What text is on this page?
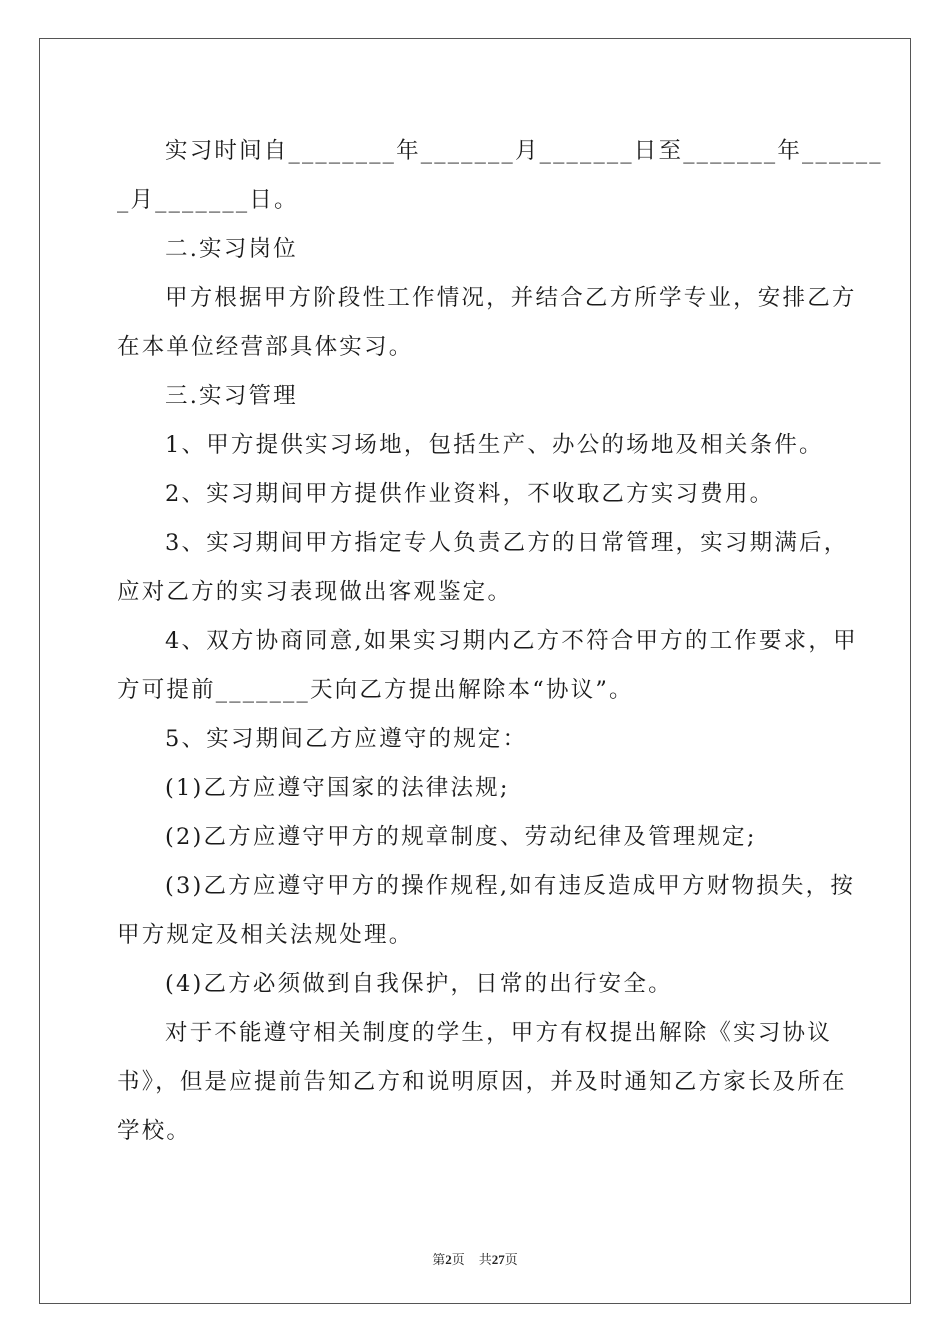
实习时间自________年_______月_______日至_______年______
_月_______日。
二.实习岗位
甲方根据甲方阶段性工作情况，并结合乙方所学专业，安排乙方
在本单位经营部具体实习。
三.实习管理
1、甲方提供实习场地，包括生产、办公的场地及相关条件。
2、实习期间甲方提供作业资料，不收取乙方实习费用。
3、实习期间甲方指定专人负责乙方的日常管理，实习期满后，
应对乙方的实习表现做出客观鉴定。
4、双方协商同意,如果实习期内乙方不符合甲方的工作要求，甲
方可提前_______天向乙方提出解除本“协议”。
5、实习期间乙方应遵守的规定：
(1)乙方应遵守国家的法律法规;
(2)乙方应遵守甲方的规章制度、劳动纪律及管理规定;
(3)乙方应遵守甲方的操作规程,如有违反造成甲方财物损失，按
甲方规定及相关法规处理。
(4)乙方必须做到自我保护，日常的出行安全。
对于不能遵守相关制度的学生，甲方有权提出解除《实习协议
书》，但是应提前告知乙方和说明原因，并及时通知乙方家长及所在
学校。
第2页 共27页
